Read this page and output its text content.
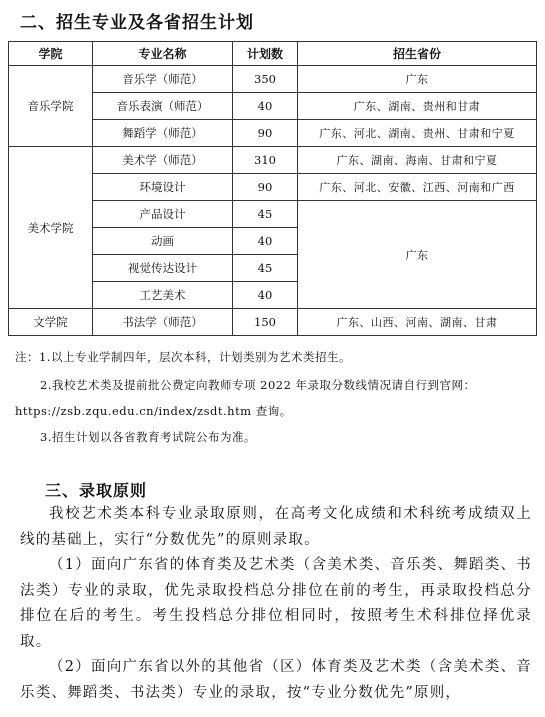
二、招生专业及各省招生计划
学院	专业名称	计划数	招生省份
音乐学院	音乐学（师范）	350	广东
	音乐表演（师范）	40	广东、湖南、贵州和甘肃
	舞蹈学（师范）	90	广东、河北、湖南、贵州、甘肃和宁夏
美术学院	美术学（师范）	310	广东、湖南、海南、甘肃和宁夏
	环境设计	90	广东、河北、安徽、江西、河南和广西
	产品设计	45	广东
	动画	40	
	视觉传达设计	45	
	工艺美术	40	
文学院	书法学（师范）	150	广东、山西、河南、湖南、甘肃
注：1.以上专业学制四年，层次本科，计划类别为艺术类招生。
2.我校艺术类及提前批公费定向教师专项 2022 年录取分数线情况请自行到官网：
https://zsb.zqu.edu.cn/index/zsdt.htm 查询。
3.招生计划以各省教育考试院公布为准。
三、录取原则
我校艺术类本科专业录取原则，在高考文化成绩和术科统考成绩双上线的基础上，实行“分数优先”的原则录取。
（1）面向广东省的体育类及艺术类（含美术类、音乐类、舞蹈类、书法类）专业的录取，优先录取投档总分排位在前的考生，再录取投档总分排位在后的考生。考生投档总分排位相同时，按照考生术科排位择优录取。
（2）面向广东省以外的其他省（区）体育类及艺术类（含美术类、音乐类、舞蹈类、书法类）专业的录取，按“专业分数优先”原则，
